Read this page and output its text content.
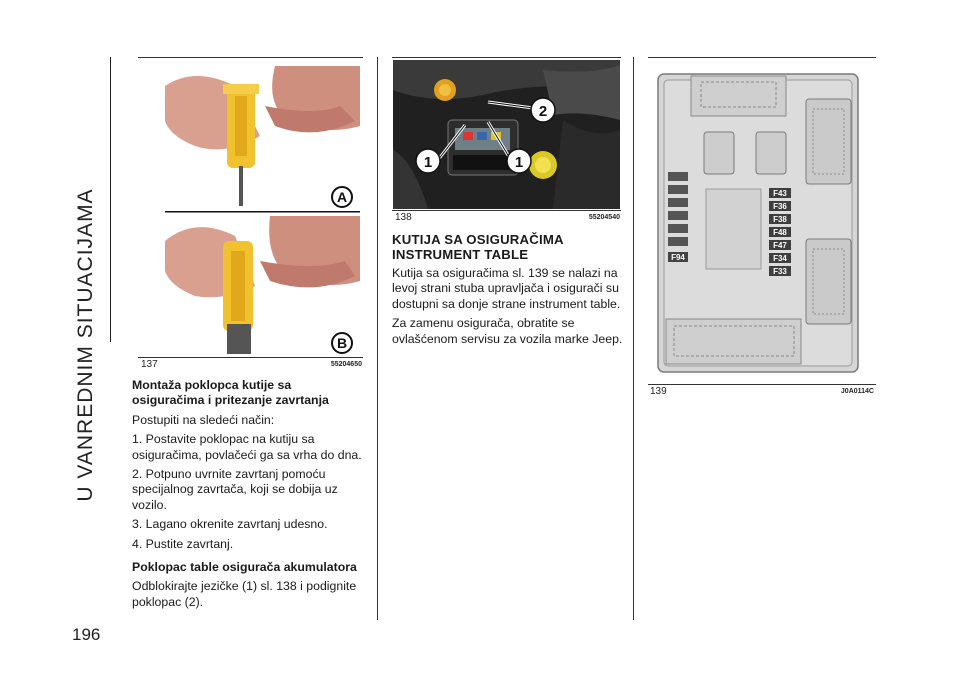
U VANREDNIM SITUACIJAMA
196
A
B
137	55204650
Montaža poklopca kutije sa osiguračima i pritezanje zavrtanja

Postupiti na sledeći način:

1. Postavite poklopac na kutiju sa osiguračima, povlačeći ga sa vrha do dna.

2. Potpuno uvrnite zavrtanj pomoću specijalnog zavrtača, koji se dobija uz vozilo.

3. Lagano okrenite zavrtanj udesno.

4. Pustite zavrtanj.

Poklopac table osigurača akumulatora

Odblokirajte jezičke (1) sl. 138 i podignite poklopac (2).

2
1	1
138	55204540
KUTIJA SA OSIGURAČIMA INSTRUMENT TABLE

Kutija sa osiguračima sl. 139 se nalazi na levoj strani stuba upravljača i osigurači su dostupni sa donje strane instrument table.

Za zamenu osigurača, obratite se ovlašćenom servisu za vozila marke Jeep.

F94
F43
F36
F38
F48
F47
F34
F33
139	J0A0114C
